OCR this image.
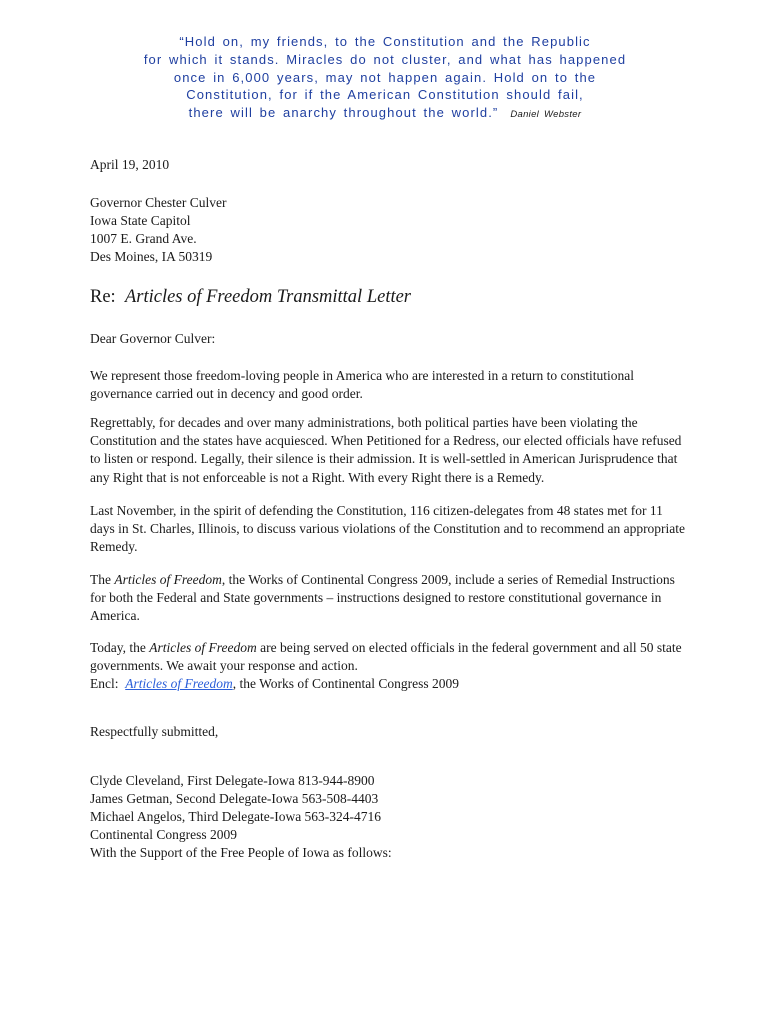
“Hold on, my friends, to the Constitution and the Republic
for which it stands. Miracles do not cluster, and what has happened
once in 6,000 years, may not happen again. Hold on to the
Constitution, for if the American Constitution should fail,
there will be anarchy throughout the world.” Daniel Webster
April 19, 2010
Governor Chester Culver
Iowa State Capitol
1007 E. Grand Ave.
Des Moines, IA 50319
Re: Articles of Freedom Transmittal Letter
Dear Governor Culver:
We represent those freedom-loving people in America who are interested in a return to constitutional governance carried out in decency and good order.
Regrettably, for decades and over many administrations, both political parties have been violating the Constitution and the states have acquiesced. When Petitioned for a Redress, our elected officials have refused to listen or respond. Legally, their silence is their admission. It is well-settled in American Jurisprudence that any Right that is not enforceable is not a Right. With every Right there is a Remedy.
Last November, in the spirit of defending the Constitution, 116 citizen-delegates from 48 states met for 11 days in St. Charles, Illinois, to discuss various violations of the Constitution and to recommend an appropriate Remedy.
The Articles of Freedom, the Works of Continental Congress 2009, include a series of Remedial Instructions for both the Federal and State governments – instructions designed to restore constitutional governance in America.
Today, the Articles of Freedom are being served on elected officials in the federal government and all 50 state governments. We await your response and action.
Encl: Articles of Freedom, the Works of Continental Congress 2009
Respectfully submitted,
Clyde Cleveland, First Delegate-Iowa 813-944-8900
James Getman, Second Delegate-Iowa 563-508-4403
Michael Angelos, Third Delegate-Iowa 563-324-4716
Continental Congress 2009
With the Support of the Free People of Iowa as follows:
